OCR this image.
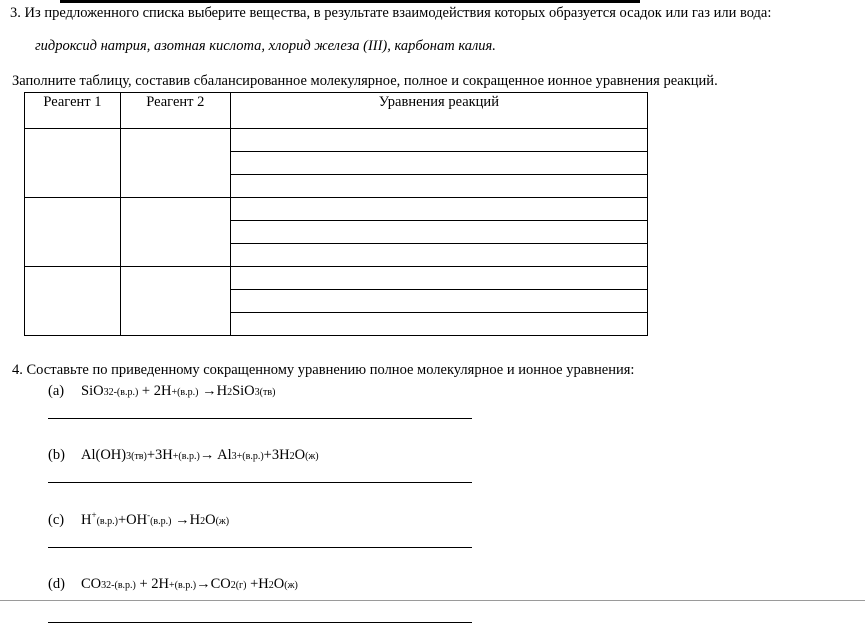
3. Из предложенного списка выберите вещества, в результате взаимодействия которых образуется осадок или газ или вода:
гидроксид натрия, азотная кислота, хлорид железа (III), карбонат калия.
Заполните таблицу, составив сбалансированное молекулярное, полное и сокращенное ионное уравнения реакций.
Реагент 1	Реагент 2	Уравнения реакций

4. Составьте по приведенному сокращенному уравнению полное молекулярное и ионное уравнения:
(a) SiO32-(в.р.) + 2H+(в.р.) →H2SiO3(тв)
(b) Al(OH)3(тв)+3H+(в.р.)→ Al3+(в.р.)+3H2O(ж)
(c) H+(в.р.)+OH-(в.р.) →H2O(ж)
(d) CO32-(в.р.) + 2H+(в.р.)→CO2(г) +H2O(ж)
